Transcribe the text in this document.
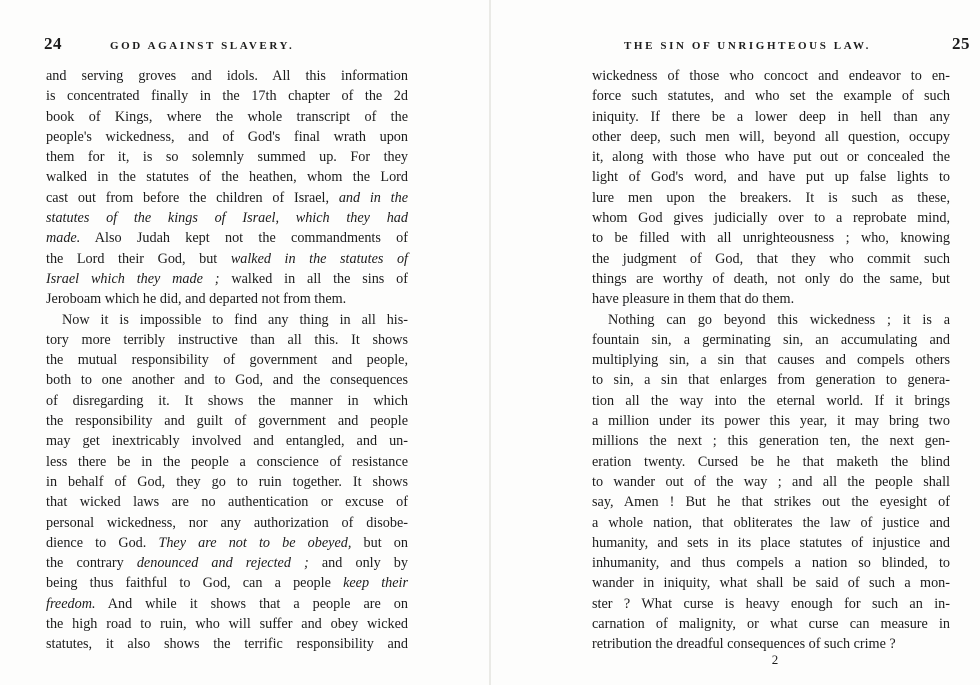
24	GOD AGAINST SLAVERY.
and serving groves and idols. All this information
is concentrated finally in the 17th chapter of the 2d
book of Kings, where the whole transcript of the
people's wickedness, and of God's final wrath upon
them for it, is so solemnly summed up. For they
walked in the statutes of the heathen, whom the Lord
cast out from before the children of Israel, and in the
statutes of the kings of Israel, which they had
made. Also Judah kept not the commandments of
the Lord their God, but walked in the statutes of
Israel which they made ; walked in all the sins of
Jeroboam which he did, and departed not from them.
Now it is impossible to find any thing in all his-
tory more terribly instructive than all this. It shows
the mutual responsibility of government and people,
both to one another and to God, and the consequences
of disregarding it. It shows the manner in which
the responsibility and guilt of government and people
may get inextricably involved and entangled, and un-
less there be in the people a conscience of resistance
in behalf of God, they go to ruin together. It shows
that wicked laws are no authentication or excuse of
personal wickedness, nor any authorization of disobe-
dience to God. They are not to be obeyed, but on
the contrary denounced and rejected ; and only by
being thus faithful to God, can a people keep their
freedom. And while it shows that a people are on
the high road to ruin, who will suffer and obey wicked
statutes, it also shows the terrific responsibility and
THE SIN OF UNRIGHTEOUS LAW.	25
wickedness of those who concoct and endeavor to en-
force such statutes, and who set the example of such
iniquity. If there be a lower deep in hell than any
other deep, such men will, beyond all question, occupy
it, along with those who have put out or concealed the
light of God's word, and have put up false lights to
lure men upon the breakers. It is such as these,
whom God gives judicially over to a reprobate mind,
to be filled with all unrighteousness ; who, knowing
the judgment of God, that they who commit such
things are worthy of death, not only do the same, but
have pleasure in them that do them.
Nothing can go beyond this wickedness ; it is a
fountain sin, a germinating sin, an accumulating and
multiplying sin, a sin that causes and compels others
to sin, a sin that enlarges from generation to genera-
tion all the way into the eternal world. If it brings
a million under its power this year, it may bring two
millions the next ; this generation ten, the next gen-
eration twenty. Cursed be he that maketh the blind
to wander out of the way ; and all the people shall
say, Amen ! But he that strikes out the eyesight of
a whole nation, that obliterates the law of justice and
humanity, and sets in its place statutes of injustice and
inhumanity, and thus compels a nation so blinded, to
wander in iniquity, what shall be said of such a mon-
ster ? What curse is heavy enough for such an in-
carnation of malignity, or what curse can measure in
retribution the dreadful consequences of such crime ?
2
